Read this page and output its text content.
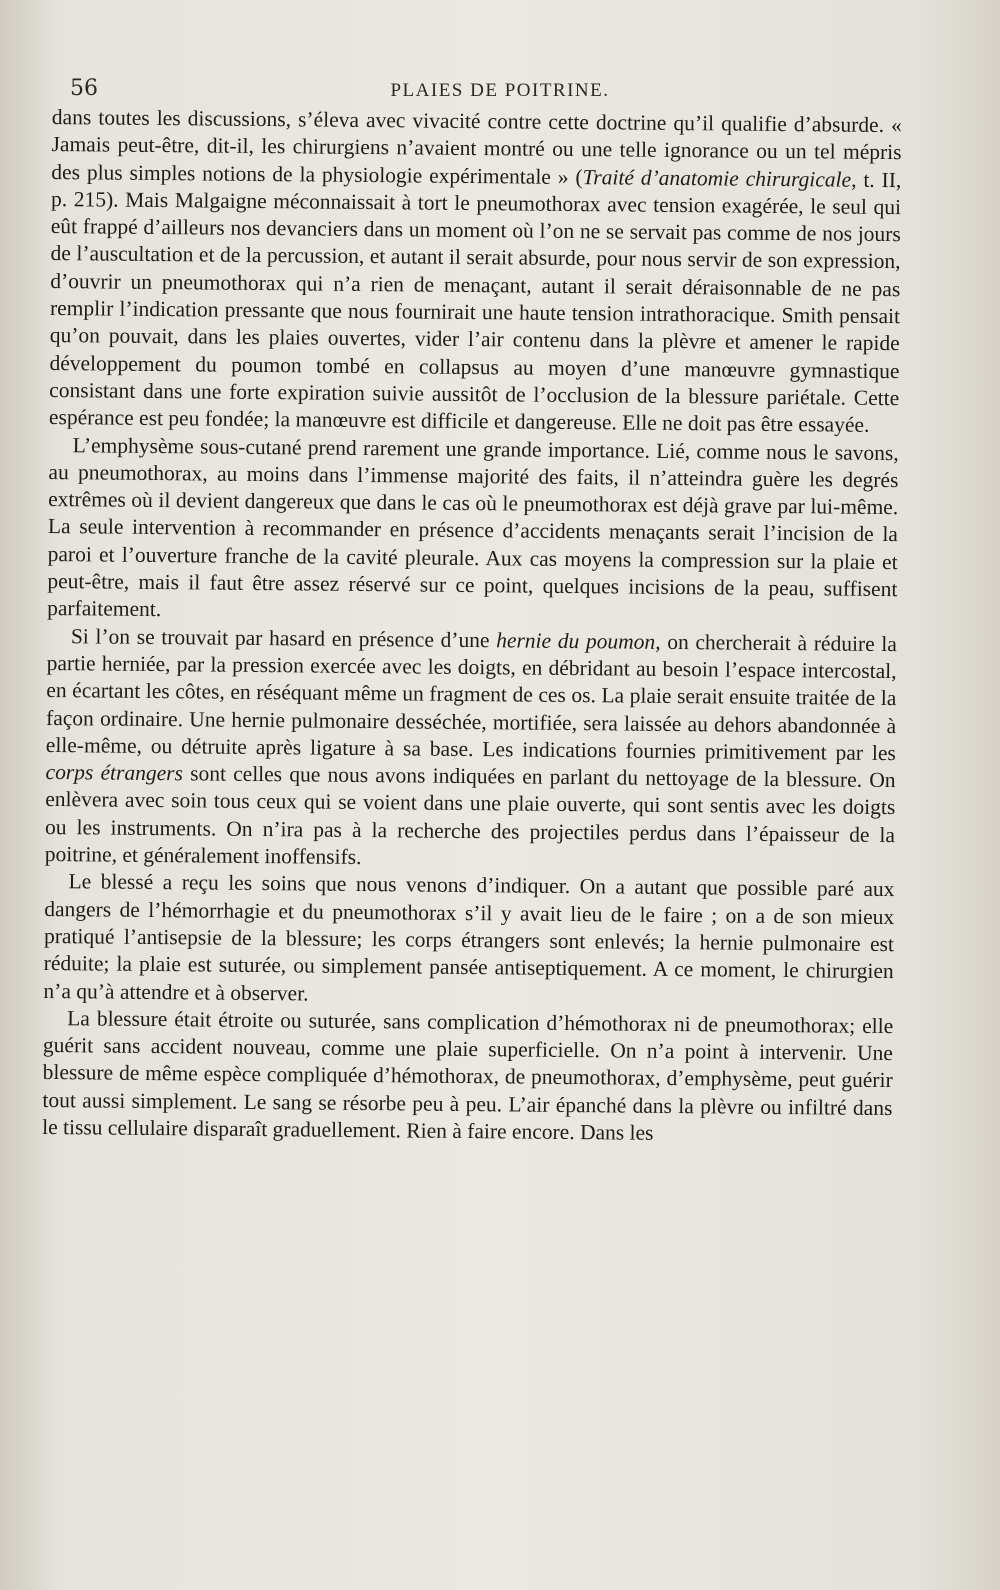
56	PLAIES DE POITRINE.

dans toutes les discussions, s’éleva avec vivacité contre cette doctrine qu’il qualifie d’absurde. « Jamais peut-être, dit-il, les chirurgiens n’avaient montré ou une telle ignorance ou un tel mépris des plus simples notions de la physiologie expérimentale » (Traité d’anatomie chirurgicale, t. II, p. 215). Mais Malgaigne méconnaissait à tort le pneumothorax avec tension exagérée, le seul qui eût frappé d’ailleurs nos devanciers dans un moment où l’on ne se servait pas comme de nos jours de l’auscultation et de la percussion, et autant il serait absurde, pour nous servir de son expression, d’ouvrir un pneumothorax qui n’a rien de menaçant, autant il serait déraisonnable de ne pas remplir l’indication pressante que nous fournirait une haute tension intrathoracique. Smith pensait qu’on pouvait, dans les plaies ouvertes, vider l’air contenu dans la plèvre et amener le rapide développement du poumon tombé en collapsus au moyen d’une manœuvre gymnastique consistant dans une forte expiration suivie aussitôt de l’occlusion de la blessure pariétale. Cette espérance est peu fondée; la manœuvre est difficile et dangereuse. Elle ne doit pas être essayée.

L’emphysème sous-cutané prend rarement une grande importance. Lié, comme nous le savons, au pneumothorax, au moins dans l’immense majorité des faits, il n’atteindra guère les degrés extrêmes où il devient dangereux que dans le cas où le pneumothorax est déjà grave par lui-même. La seule intervention à recommander en présence d’accidents menaçants serait l’incision de la paroi et l’ouverture franche de la cavité pleurale. Aux cas moyens la compression sur la plaie et peut-être, mais il faut être assez réservé sur ce point, quelques incisions de la peau, suffisent parfaitement.

Si l’on se trouvait par hasard en présence d’une hernie du poumon, on chercherait à réduire la partie herniée, par la pression exercée avec les doigts, en débridant au besoin l’espace intercostal, en écartant les côtes, en réséquant même un fragment de ces os. La plaie serait ensuite traitée de la façon ordinaire. Une hernie pulmonaire desséchée, mortifiée, sera laissée au dehors abandonnée à elle-même, ou détruite après ligature à sa base. Les indications fournies primitivement par les corps étrangers sont celles que nous avons indiquées en parlant du nettoyage de la blessure. On enlèvera avec soin tous ceux qui se voient dans une plaie ouverte, qui sont sentis avec les doigts ou les instruments. On n’ira pas à la recherche des projectiles perdus dans l’épaisseur de la poitrine, et généralement inoffensifs.

Le blessé a reçu les soins que nous venons d’indiquer. On a autant que possible paré aux dangers de l’hémorrhagie et du pneumothorax s’il y avait lieu de le faire ; on a de son mieux pratiqué l’antisepsie de la blessure; les corps étrangers sont enlevés; la hernie pulmonaire est réduite; la plaie est suturée, ou simplement pansée antiseptiquement. A ce moment, le chirurgien n’a qu’à attendre et à observer.

La blessure était étroite ou suturée, sans complication d’hémothorax ni de pneumothorax; elle guérit sans accident nouveau, comme une plaie superficielle. On n’a point à intervenir. Une blessure de même espèce compliquée d’hémothorax, de pneumothorax, d’emphysème, peut guérir tout aussi simplement. Le sang se résorbe peu à peu. L’air épanché dans la plèvre ou infiltré dans le tissu cellulaire disparaît graduellement. Rien à faire encore. Dans les
